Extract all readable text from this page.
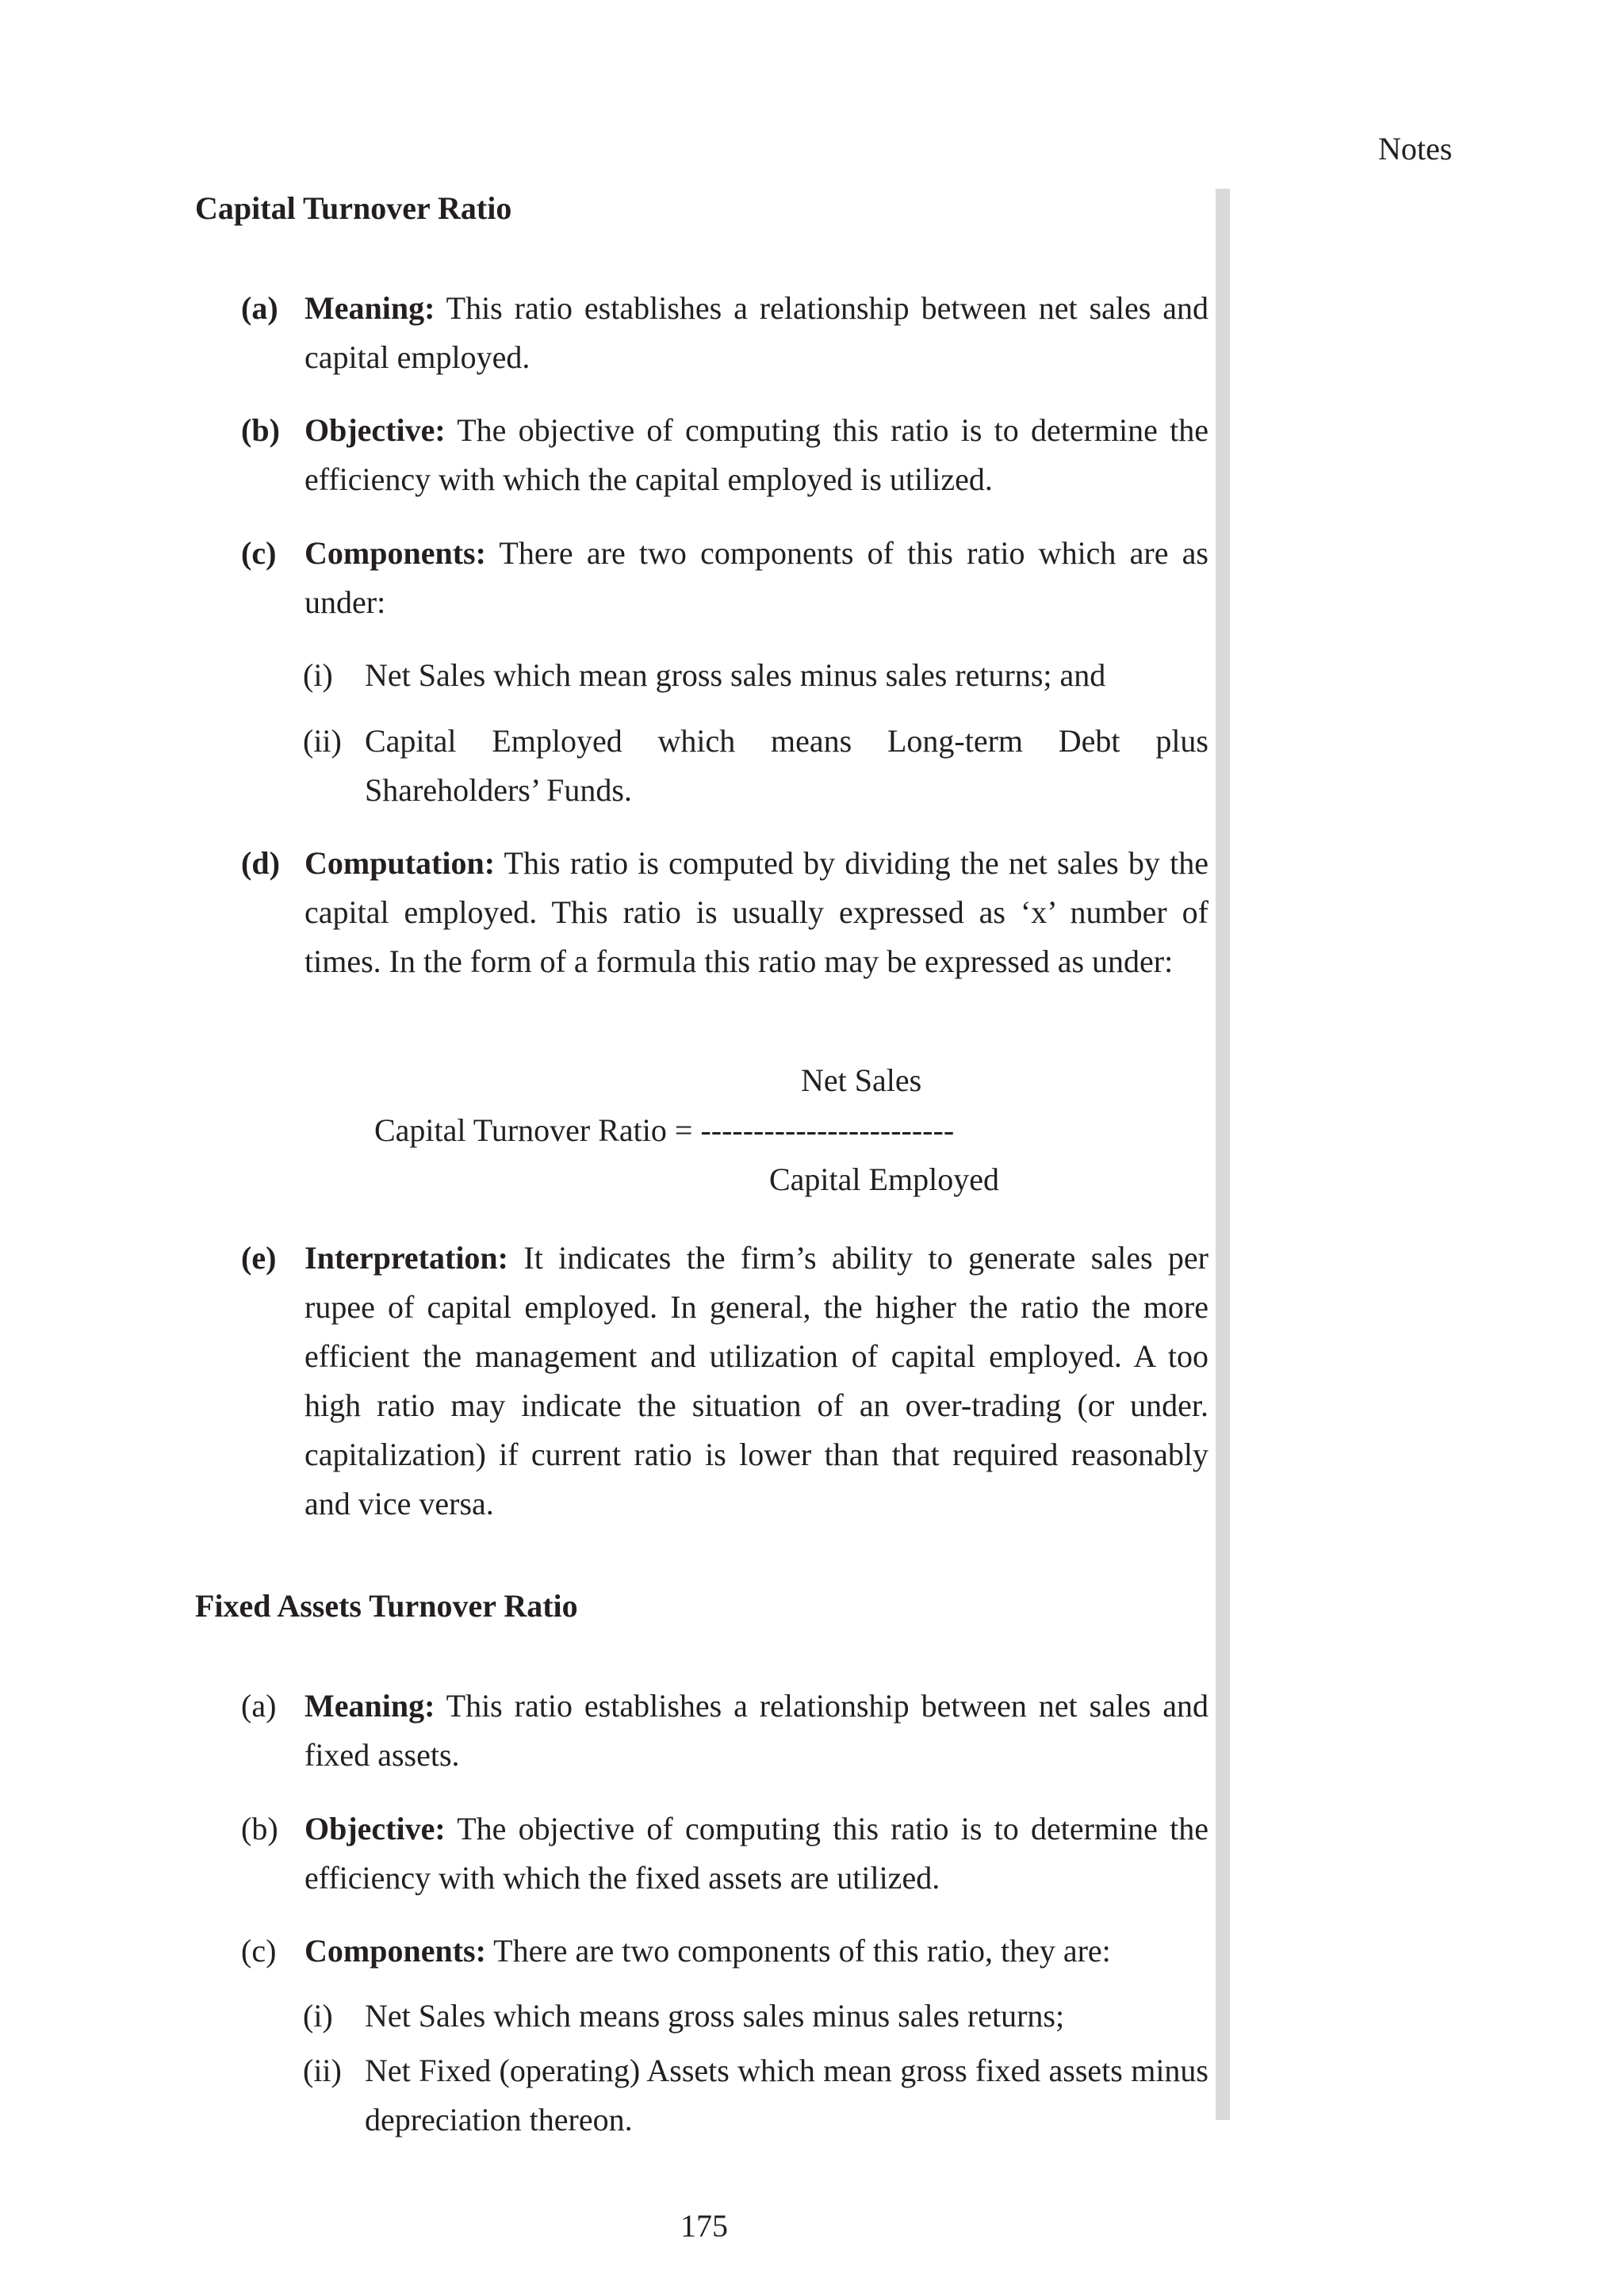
Notes
Capital Turnover Ratio
(a) Meaning: This ratio establishes a relationship between net sales and capital employed.
(b) Objective: The objective of computing this ratio is to determine the efficiency with which the capital employed is utilized.
(c) Components: There are two components of this ratio which are as under:
(i)	Net Sales which mean gross sales minus sales returns; and
(ii) Capital Employed which means Long-term Debt plus Shareholders’ Funds.
(d) Computation: This ratio is computed by dividing the net sales by the capital employed. This ratio is usually expressed as ‘x’ number of times. In the form of a formula this ratio may be expressed as under:
Net Sales
Capital Turnover Ratio = ------------------------
Capital Employed
(e) Interpretation: It indicates the firm’s ability to generate sales per rupee of capital employed. In general, the higher the ratio the more efficient the management and utilization of capital employed. A too high ratio may indicate the situation of an over-trading (or under. capitalization) if current ratio is lower than that required reasonably and vice versa.
Fixed Assets Turnover Ratio
(a) Meaning: This ratio establishes a relationship between net sales and fixed assets.
(b) Objective: The objective of computing this ratio is to determine the efficiency with which the fixed assets are utilized.
(c) Components: There are two components of this ratio, they are:
(i)	Net Sales which means gross sales minus sales returns;
(ii) Net Fixed (operating) Assets which mean gross fixed assets minus depreciation thereon.
175
